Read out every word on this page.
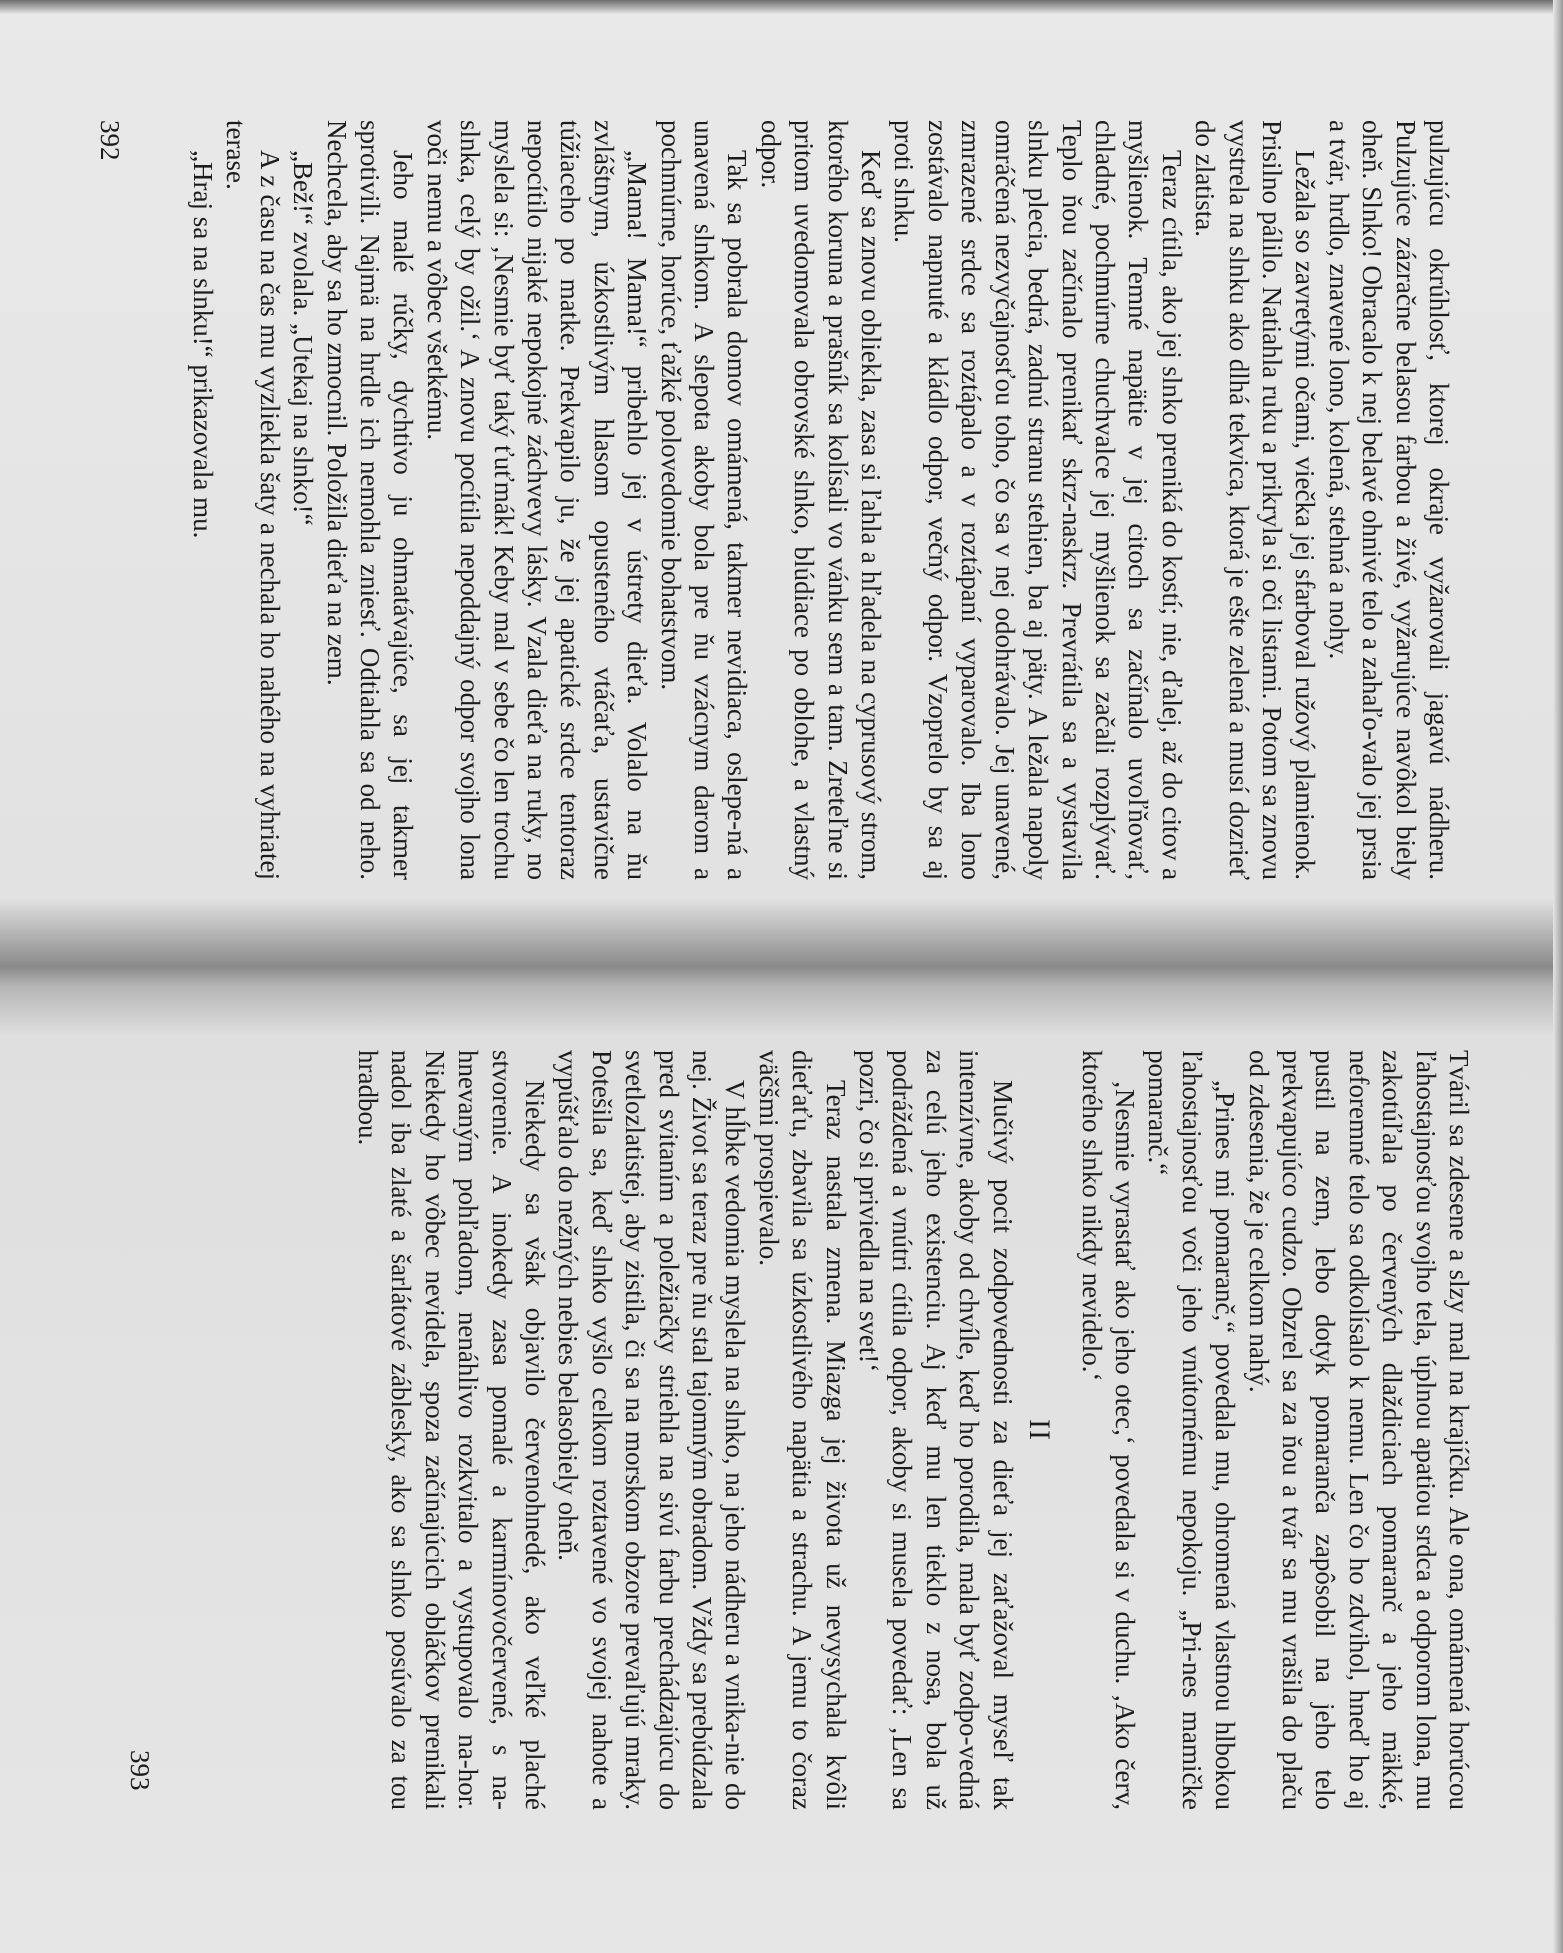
pulzujúcu okrúhlosť, ktorej okraje vyžarovali jagavú nádheru. Pulzujúce zázračne belasou farbou a živé, vyžarujúce navôkol biely oheň. Slnko! Obracalo k nej belavé ohnivé telo a zahaľo-valo jej prsia a tvár, hrdlo, znavené lono, kolená, stehná a nohy.

Ležala so zavretými očami, viečka jej sfarboval ružový plamienok. Prisilno pálilo. Natiahla ruku a prikryla si oči listami. Potom sa znovu vystrela na slnku ako dlhá tekvica, ktorá je ešte zelená a musí dozrieť do zlatista.

Teraz cítila, ako jej slnko preniká do kostí; nie, ďalej, až do citov a myšlienok. Temné napätie v jej citoch sa začínalo uvoľňovať, chladné, pochmúrne chuchvalce jej myšlienok sa začali rozplývať. Teplo ňou začínalo prenikať skrz-naskrz. Prevrátila sa a vystavila slnku plecia, bedrá, zadnú stranu stehien, ba aj päty. A ležala napoly omráčená nezvyčajnosťou toho, čo sa v nej odohrávalo. Jej unavené, zmrazené srdce sa roztápalo a v roztápaní vyparovalo. Iba lono zostávalo napnuté a kládlo odpor, večný odpor. Vzoprelo by sa aj proti slnku.

Keď sa znovu obliekla, zasa si ľahla a hľadela na cyprusový strom, ktorého koruna a prašník sa kolísali vo vánku sem a tam. Zreteľne si pritom uvedomovala obrovské slnko, blúdiace po oblohe, a vlastný odpor.

Tak sa pobrala domov omámená, takmer nevidiaca, oslepe-ná a unavená slnkom. A slepota akoby bola pre ňu vzácnym darom a pochmúrne, horúce, ťažké polovedomie bohatstvom.

„Mama! Mama!“ pribehlo jej v ústrety dieťa. Volalo na ňu zvláštnym, úzkostlivým hlasom opusteného vtáčaťa, ustavične túžiaceho po matke. Prekvapilo ju, že jej apatické srdce tentoraz nepocítilo nijaké nepokojné záchvevy lásky. Vzala dieťa na ruky, no myslela si: ‚Nesmie byť taký ťuťmák! Keby mal v sebe čo len trochu slnka, celý by ožil.‘ A znovu pocítila nepoddajný odpor svojho lona voči nemu a vôbec všetkému.

Jeho malé rúčky, dychtivo ju ohmatávajúce, sa jej takmer sprotivili. Najmä na hrdle ich nemohla zniesť. Odtiahla sa od neho. Nechcela, aby sa ho zmocnil. Položila dieťa na zem.

„Bež!“ zvolala. „Utekaj na slnko!“

A z času na čas mu vyzliekla šaty a nechala ho nahého na vyhriatej terase.

„Hraj sa na slnku!“ prikazovala mu.

392

Tváril sa zdesene a slzy mal na krajíčku. Ale ona, omámená horúcou ľahostajnosťou svojho tela, úplnou apatiou srdca a odporom lona, mu zakotúľala po červených dlaždiciach pomaranč a jeho mäkké, neforemné telo sa odkolísalo k nemu. Len čo ho zdvihol, hneď ho aj pustil na zem, lebo dotyk pomaranča zapôsobil na jeho telo prekvapujúco cudzo. Obzrel sa za ňou a tvár sa mu vrašila do plaču od zdesenia, že je celkom nahý.

„Prines mi pomaranč,“ povedala mu, ohromená vlastnou hlbokou ľahostajnosťou voči jeho vnútornému nepokoju. „Pri-nes mamičke pomaranč.“

‚Nesmie vyrastať ako jeho otec,‘ povedala si v duchu. ‚Ako červ, ktorého slnko nikdy nevidelo.‘

II

Mučivý pocit zodpovednosti za dieťa jej zaťažoval myseľ tak intenzívne, akoby od chvíle, keď ho porodila, mala byť zodpo-vedná za celú jeho existenciu. Aj keď mu len tieklo z nosa, bola už podráždená a vnútri cítila odpor, akoby si musela povedať: ‚Len sa pozri, čo si priviedla na svet!‘

Teraz nastala zmena. Miazga jej života už nevysychala kvôli dieťaťu, zbavila sa úzkostlivého napätia a strachu. A jemu to čoraz väčšmi prospievalo.

V hĺbke vedomia myslela na slnko, na jeho nádheru a vnika-nie do nej. Život sa teraz pre ňu stal tajomným obradom. Vždy sa prebúdzala pred svitaním a poležiačky striehla na sivú farbu prechádzajúcu do svetlozlatistej, aby zistila, či sa na morskom obzore prevaľujú mraky. Potešila sa, keď slnko vyšlo celkom roztavené vo svojej nahote a vypúšťalo do nežných nebies belasobiely oheň.

Niekedy sa však objavilo červenohnedé, ako veľké plaché stvorenie. A inokedy zasa pomalé a karmínovočervené, s na-hnevaným pohľadom, nenáhlivo rozkvitalo a vystupovalo na-hor. Niekedy ho vôbec nevidela, spoza začínajúcich obláčkov prenikali nadol iba zlaté a šarlátové záblesky, ako sa slnko posúvalo za tou hradbou.

393
